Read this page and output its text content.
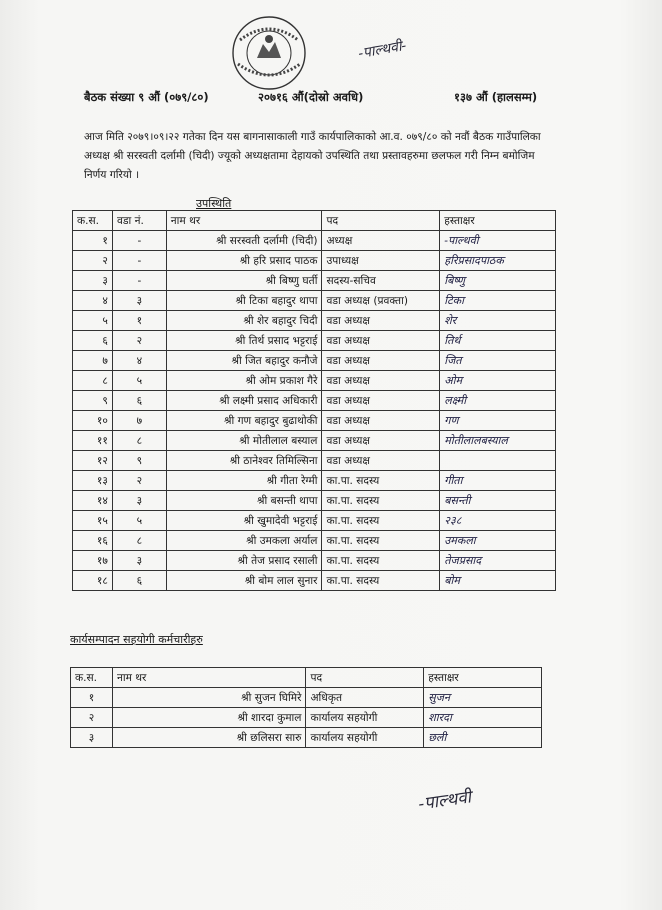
-पाल्थवी-
बैठक संख्या ९ औं (०७९/८०)	२०७१६ औं(दोस्रो अवधि)	१३७ औं (हालसम्म)
आज मिति २०७९।०९।२२ गतेका दिन यस बागनासाकाली गाउँ कार्यपालिकाको आ.व. ०७९/८० को नवौं बैठक गाउँपालिका अध्यक्ष श्री सरस्वती दर्लामी (चिदी) ज्यूको अध्यक्षतामा देहायको उपस्थिति तथा प्रस्तावहरुमा छलफल गरी निम्न बमोजिम निर्णय गरियो ।
उपस्थिति
क.स.	वडा नं.	नाम थर	पद	हस्ताक्षर
१	-	श्री सरस्वती दर्लामी (चिदी)	अध्यक्ष	-पाल्थवी
२	-	श्री हरि प्रसाद पाठक	उपाध्यक्ष	हरिप्रसादपाठक
३	-	श्री बिष्णु घर्ती	सदस्य-सचिव	बिष्णु
४	३	श्री टिका बहादुर थापा	वडा अध्यक्ष (प्रवक्ता)	टिका
५	१	श्री शेर बहादुर चिदी	वडा अध्यक्ष	शेर
६	२	श्री तिर्थ प्रसाद भट्टराई	वडा अध्यक्ष	तिर्थ
७	४	श्री जित बहादुर कनौजे	वडा अध्यक्ष	जित
८	५	श्री ओम प्रकाश गैरे	वडा अध्यक्ष	ओम
९	६	श्री लक्ष्मी प्रसाद अधिकारी	वडा अध्यक्ष	लक्ष्मी
१०	७	श्री गण बहादुर बुढाथोकी	वडा अध्यक्ष	गण
११	८	श्री मोतीलाल बस्याल	वडा अध्यक्ष	मोतीलालबस्याल
१२	९	श्री ठानेश्वर तिमिल्सिना	वडा अध्यक्ष	
१३	२	श्री गीता रेग्मी	का.पा. सदस्य	गीता
१४	३	श्री बसन्ती थापा	का.पा. सदस्य	बसन्ती
१५	५	श्री खुमादेवी भट्टराई	का.पा. सदस्य	२३८
१६	८	श्री उमकला अर्याल	का.पा. सदस्य	उमकला
१७	३	श्री तेज प्रसाद रसाली	का.पा. सदस्य	तेजप्रसाद
१८	६	श्री बोम लाल सुनार	का.पा. सदस्य	बोम
कार्यसम्पादन सहयोगी कर्मचारीहरु
क.स.	नाम थर	पद	हस्ताक्षर
१	श्री सुजन घिमिरे	अधिकृत	सुजन
२	श्री शारदा कुमाल	कार्यालय सहयोगी	शारदा
३	श्री छलिसरा सारु	कार्यालय सहयोगी	छली
-पाल्थवी
